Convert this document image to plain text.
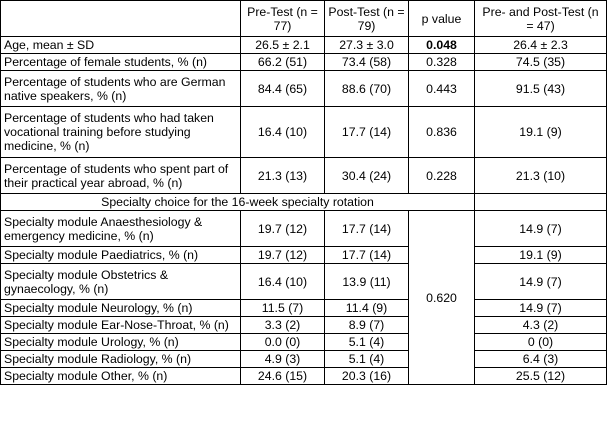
	Pre-Test (n = 77)	Post-Test (n = 79)	p value	Pre- and Post-Test (n = 47)
Age, mean ± SD	26.5 ± 2.1	27.3 ± 3.0	0.048	26.4 ± 2.3
Percentage of female students, % (n)	66.2 (51)	73.4 (58)	0.328	74.5 (35)
Percentage of students who are German native speakers, % (n)	84.4 (65)	88.6 (70)	0.443	91.5 (43)
Percentage of students who had taken vocational training before studying medicine, % (n)	16.4 (10)	17.7 (14)	0.836	19.1 (9)
Percentage of students who spent part of their practical year abroad, % (n)	21.3 (13)	30.4 (24)	0.228	21.3 (10)
Specialty choice for the 16-week specialty rotation				
Specialty module Anaesthesiology & emergency medicine, % (n)	19.7 (12)	17.7 (14)	0.620	14.9 (7)
Specialty module Paediatrics, % (n)	19.7 (12)	17.7 (14)		19.1 (9)
Specialty module Obstetrics & gynaecology, % (n)	16.4 (10)	13.9 (11)		14.9 (7)
Specialty module Neurology, % (n)	11.5 (7)	11.4 (9)		14.9 (7)
Specialty module Ear-Nose-Throat, % (n)	3.3 (2)	8.9 (7)		4.3 (2)
Specialty module Urology, % (n)	0.0 (0)	5.1 (4)		0 (0)
Specialty module Radiology, % (n)	4.9 (3)	5.1 (4)		6.4 (3)
Specialty module Other, % (n)	24.6 (15)	20.3 (16)		25.5 (12)
